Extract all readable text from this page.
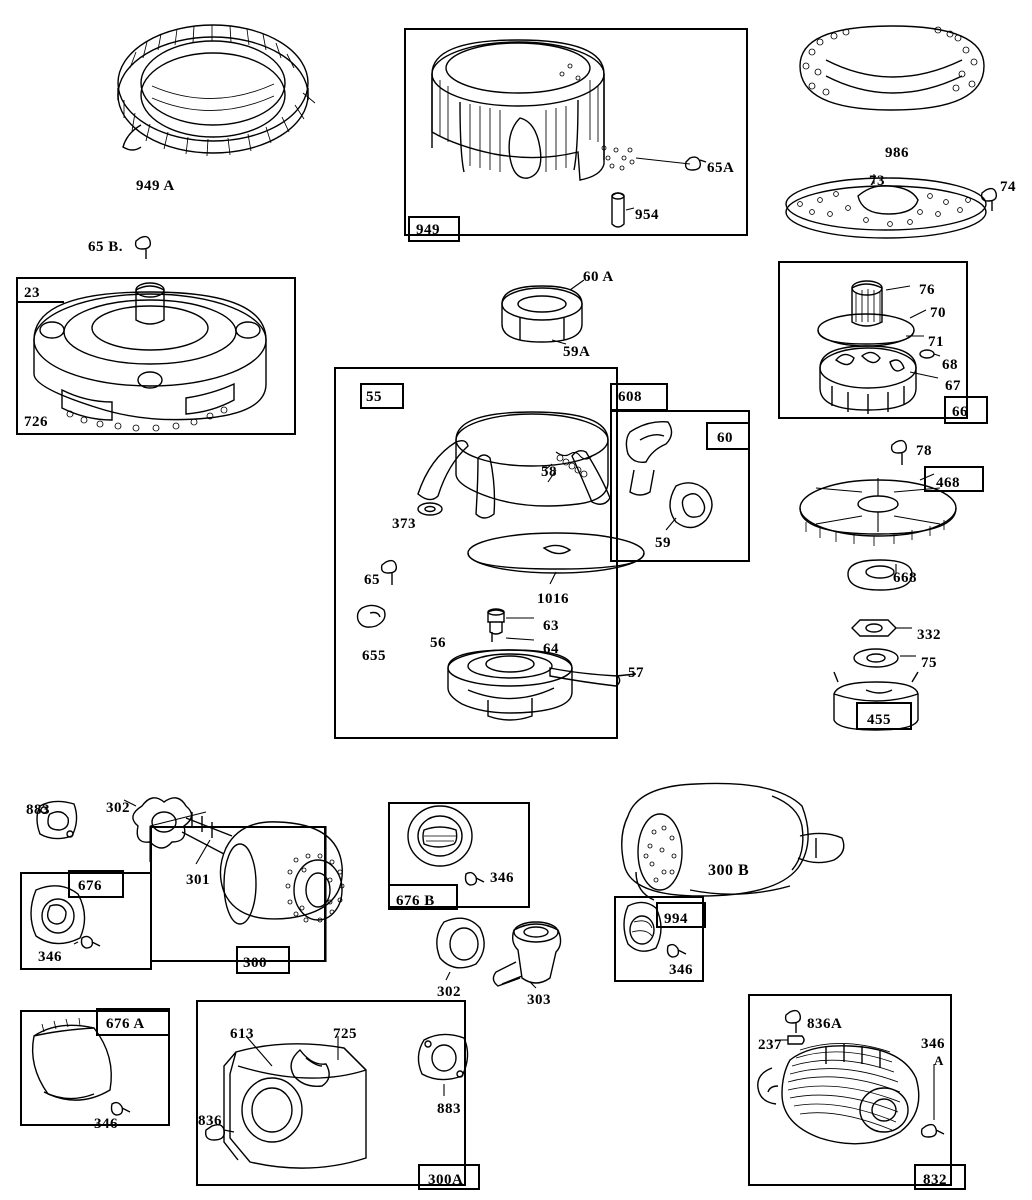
949 A
65 B.
23
726
949
65A
954
986
73	74
60 A
59A
76
70
71
68
67
66
78
468
668
332
75
455
55	608
60
58
373
59
65
1016
655
63
64
56
57
883	302
676
346
301
300
676 B
346
302	303
300 B
994
346
676 A
346
613	725
836
883
300A
836A
237	346
A
832
